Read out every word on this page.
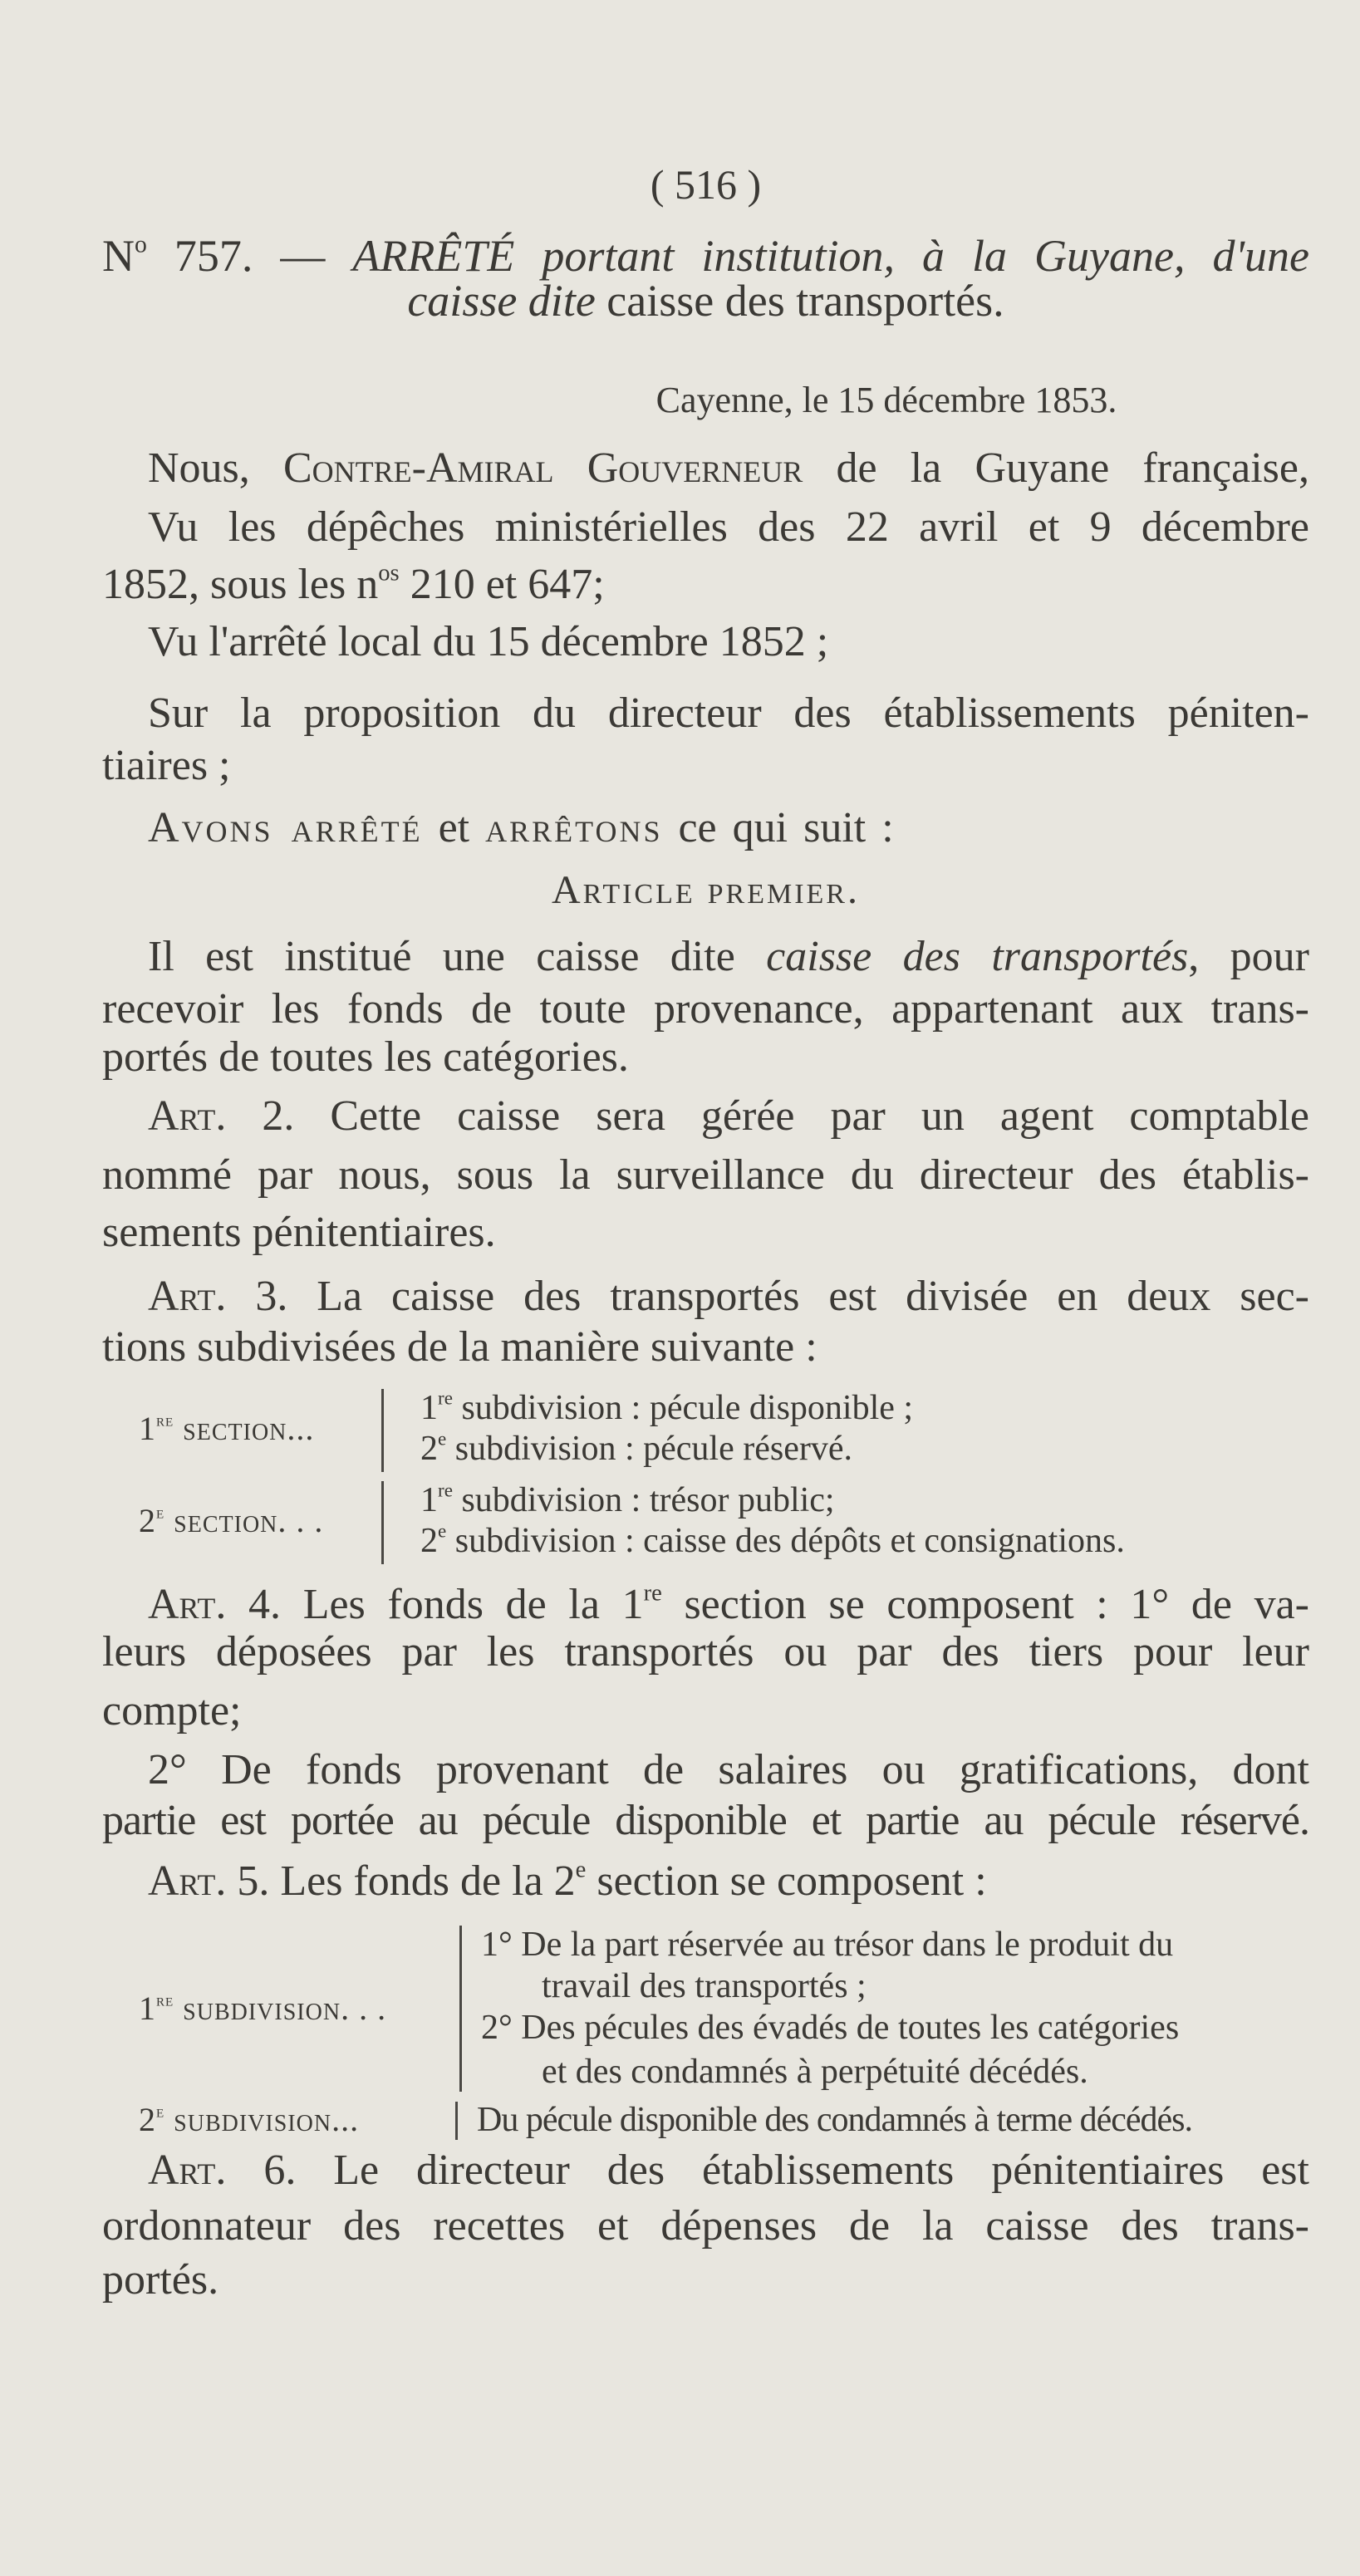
( 516 )
$N^o$ 757. — ARRÊTÉ portant institution, à la Guyane, d'une
caisse dite caisse des transportés.
Cayenne, le 15 décembre 1853.
Nous, Contre-Amiral Gouverneur de la Guyane française,
Vu les dépêches ministérielles des 22 avril et 9 décembre
1852, sous les $n^{os}$ 210 et 647;
Vu l'arrêté local du 15 décembre 1852 ;
Sur la proposition du directeur des établissements péniten-
tiaires ;
Avons arrêté et arrêtons ce qui suit :
Article premier.
Il est institué une caisse dite caisse des transportés, pour
recevoir les fonds de toute provenance, appartenant aux trans-
portés de toutes les catégories.
Art. 2. Cette caisse sera gérée par un agent comptable
nommé par nous, sous la surveillance du directeur des établis-
sements pénitentiaires.
Art. 3. La caisse des transportés est divisée en deux sec-
tions subdivisées de la manière suivante :
1re section...
1re subdivision : pécule disponible ;
2e subdivision : pécule réservé.
2e section. . .
1re subdivision : trésor public;
2e subdivision : caisse des dépôts et consignations.
Art. 4. Les fonds de la 1re section se composent : 1° de va-
leurs déposées par les transportés ou par des tiers pour leur
compte;
2° De fonds provenant de salaires ou gratifications, dont
partie est portée au pécule disponible et partie au pécule réservé.
Art. 5. Les fonds de la 2e section se composent :
1re subdivision. . .
1° De la part réservée au trésor dans le produit du
travail des transportés ;
2° Des pécules des évadés de toutes les catégories
et des condamnés à perpétuité décédés.
2e subdivision...	Du pécule disponible des condamnés à terme décédés.
Art. 6. Le directeur des établissements pénitentiaires est
ordonnateur des recettes et dépenses de la caisse des trans-
portés.
